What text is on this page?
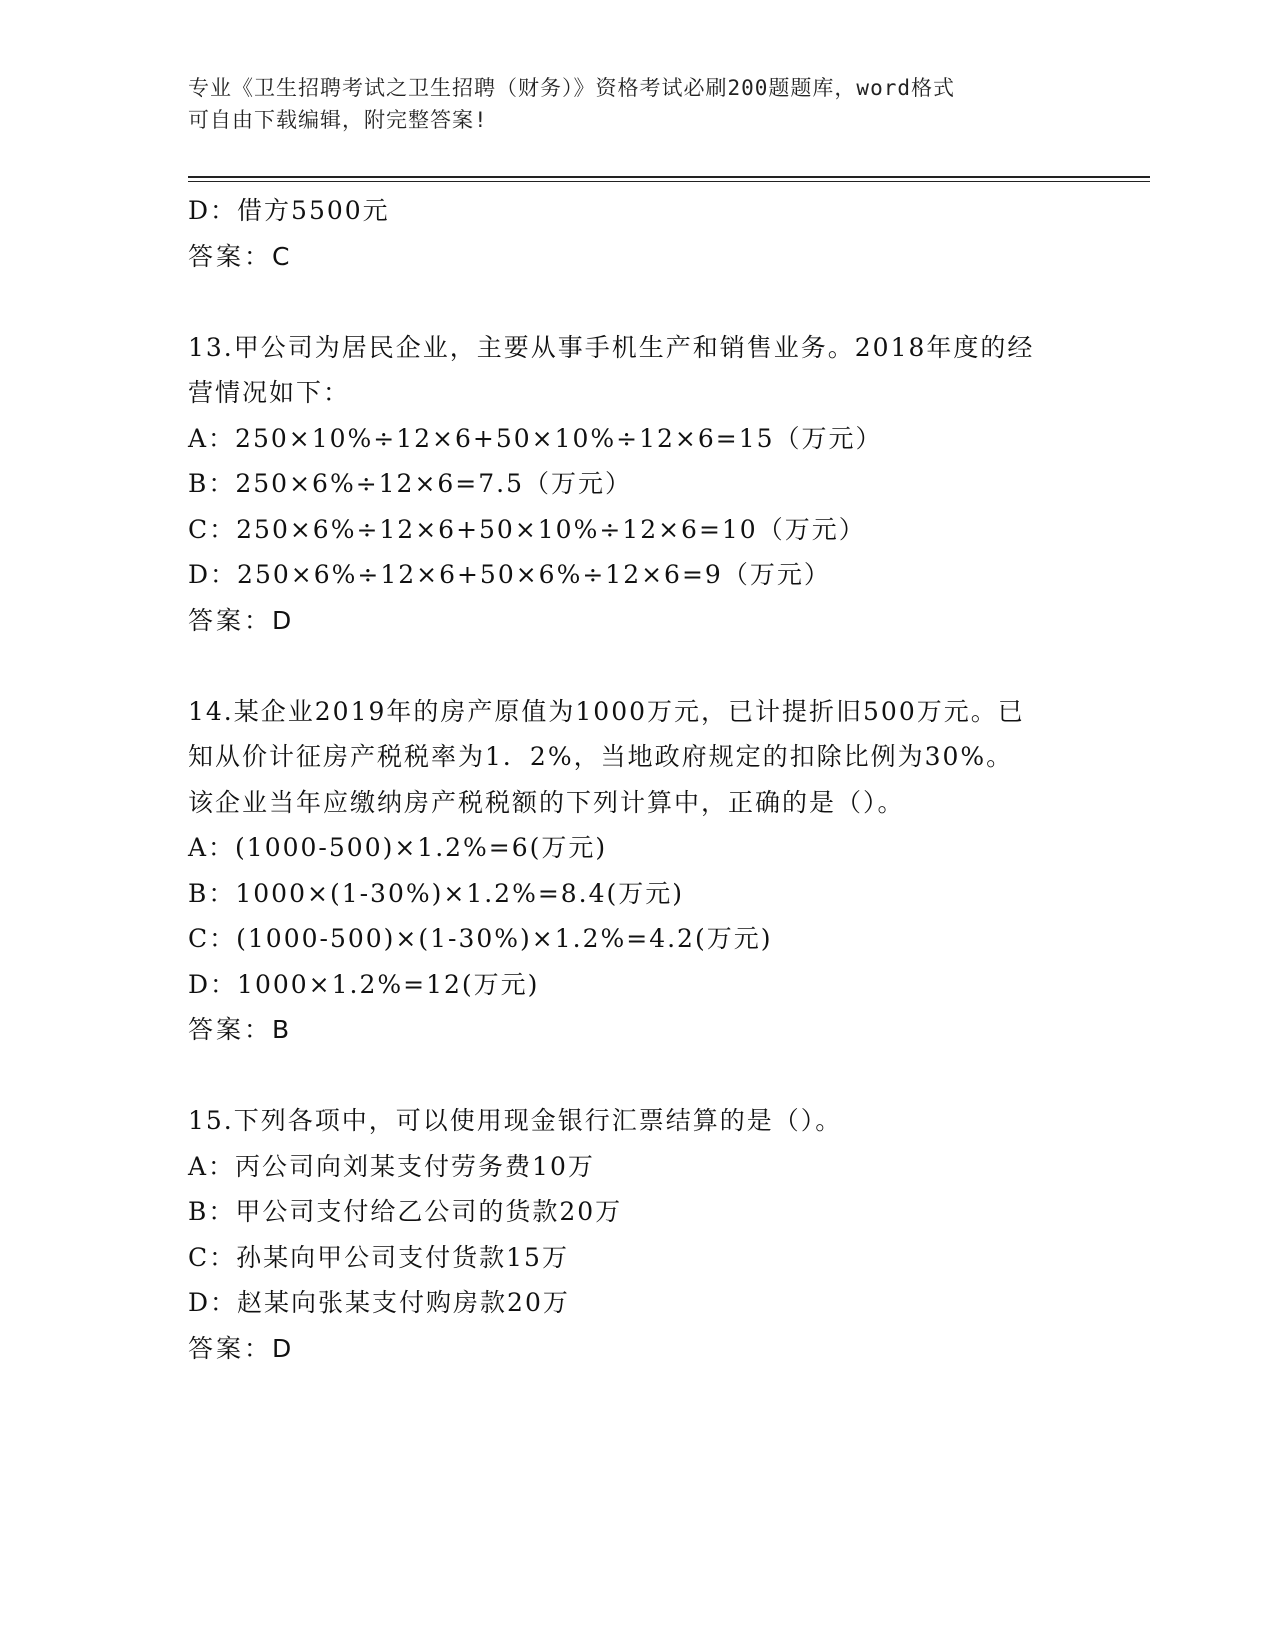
专业《卫生招聘考试之卫生招聘（财务）》资格考试必刷200题题库，word格式
可自由下载编辑，附完整答案!
D：借方5500元
答案：C
13.甲公司为居民企业，主要从事手机生产和销售业务。2018年度的经
营情况如下：
A：250×10%÷12×6+50×10%÷12×6=15（万元）
B：250×6%÷12×6=7.5（万元）
C：250×6%÷12×6+50×10%÷12×6=10（万元）
D：250×6%÷12×6+50×6%÷12×6=9（万元）
答案：D
14.某企业2019年的房产原值为1000万元，已计提折旧500万元。已
知从价计征房产税税率为1．2%，当地政府规定的扣除比例为30%。
该企业当年应缴纳房产税税额的下列计算中，正确的是（）。
A：(1000-500)×1.2%=6(万元)
B：1000×(1-30%)×1.2%=8.4(万元)
C：(1000-500)×(1-30%)×1.2%=4.2(万元)
D：1000×1.2%=12(万元)
答案：B
15.下列各项中，可以使用现金银行汇票结算的是（）。
A：丙公司向刘某支付劳务费10万
B：甲公司支付给乙公司的货款20万
C：孙某向甲公司支付货款15万
D：赵某向张某支付购房款20万
答案：D
